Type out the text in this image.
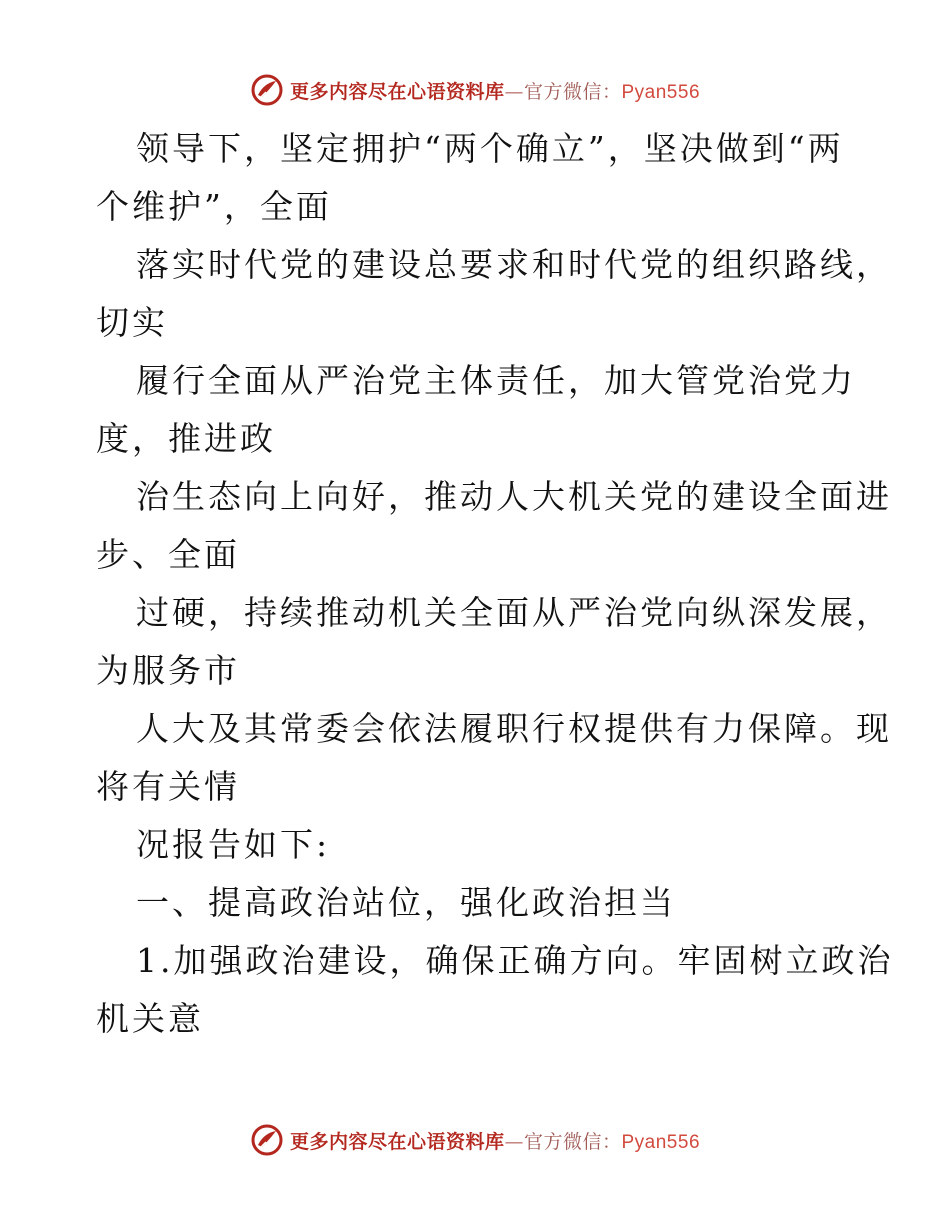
更多内容尽在心语资料库—官方微信：Pyan556
领导下，坚定拥护“两个确立”，坚决做到“两
个维护”，全面
落实时代党的建设总要求和时代党的组织路线，
切实
履行全面从严治党主体责任，加大管党治党力
度，推进政
治生态向上向好，推动人大机关党的建设全面进
步、全面
过硬，持续推动机关全面从严治党向纵深发展，
为服务市
人大及其常委会依法履职行权提供有力保障。现
将有关情
况报告如下:
一、提高政治站位，强化政治担当
1.加强政治建设，确保正确方向。牢固树立政治
机关意
更多内容尽在心语资料库—官方微信：Pyan556
